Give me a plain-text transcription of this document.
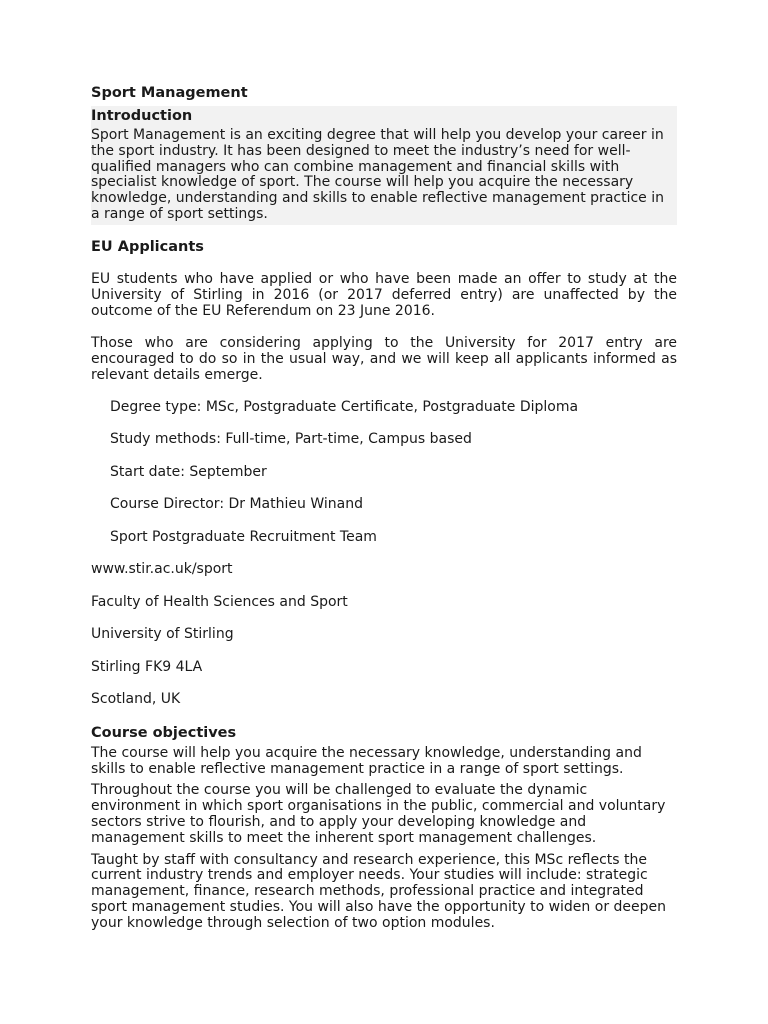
Sport Management
Introduction

Sport Management is an exciting degree that will help you develop your career in the sport industry. It has been designed to meet the industry’s need for well-qualified managers who can combine management and financial skills with specialist knowledge of sport. The course will help you acquire the necessary knowledge, understanding and skills to enable reflective management practice in a range of sport settings.

EU Applicants

EU students who have applied or who have been made an offer to study at the University of Stirling in 2016 (or 2017 deferred entry) are unaffected by the outcome of the EU Referendum on 23 June 2016.

Those who are considering applying to the University for 2017 entry are encouraged to do so in the usual way, and we will keep all applicants informed as relevant details emerge.

Degree type: MSc, Postgraduate Certificate, Postgraduate Diploma
Study methods: Full-time, Part-time, Campus based
Start date: September
Course Director: Dr Mathieu Winand
Sport Postgraduate Recruitment Team
www.stir.ac.uk/sport
Faculty of Health Sciences and Sport
University of Stirling
Stirling FK9 4LA
Scotland, UK
Course objectives

The course will help you acquire the necessary knowledge, understanding and skills to enable reflective management practice in a range of sport settings.

Throughout the course you will be challenged to evaluate the dynamic environment in which sport organisations in the public, commercial and voluntary sectors strive to flourish, and to apply your developing knowledge and management skills to meet the inherent sport management challenges.

Taught by staff with consultancy and research experience, this MSc reflects the current industry trends and employer needs. Your studies will include: strategic management, finance, research methods, professional practice and integrated sport management studies. You will also have the opportunity to widen or deepen your knowledge through selection of two option modules.
